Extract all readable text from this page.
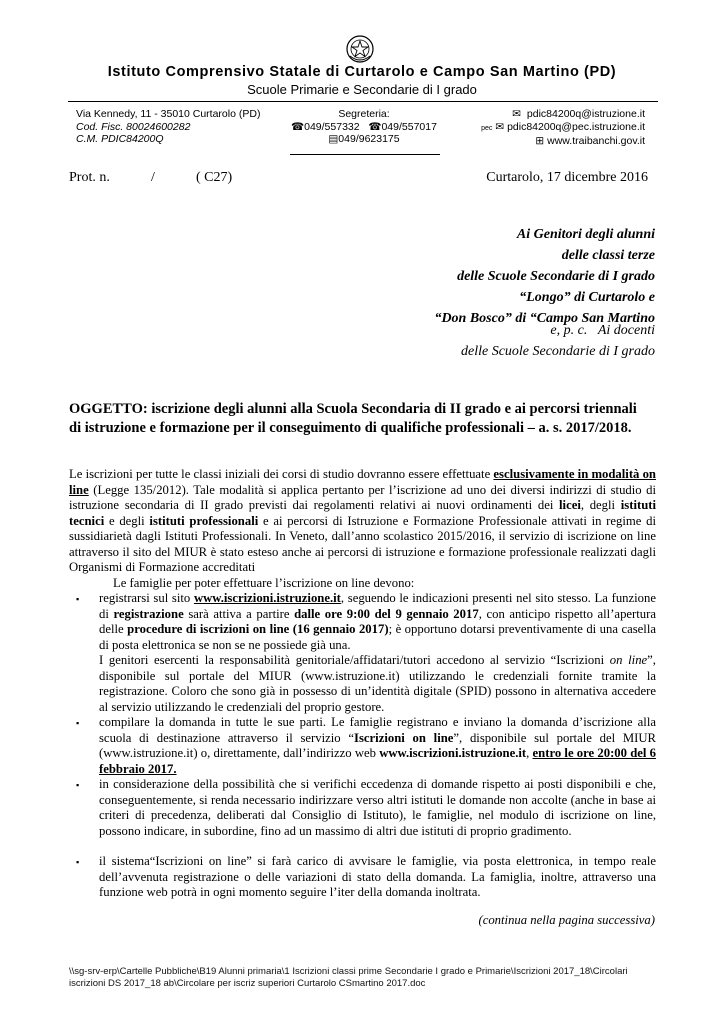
Istituto Comprensivo Statale di Curtarolo e Campo San Martino (PD)
Scuole Primarie e Secondarie di I grado
Via Kennedy, 11 - 35010 Curtarolo (PD)
Cod. Fisc. 80024600282
C.M. PDIC84200Q
Segreteria:
☎049/557332 ☎049/557017
▤049/9623175
✉ pdic84200q@istruzione.it
pec ✉ pdic84200q@pec.istruzione.it
⊞ www.traibanchi.gov.it
Prot. n.	/	( C27)	Curtarolo, 17 dicembre 2016
Ai Genitori degli alunni
delle classi terze
delle Scuole Secondarie di I grado
“Longo” di Curtarolo e
“Don Bosco” di “Campo San Martino
e, p. c. Ai docenti
delle Scuole Secondarie di I grado
OGGETTO: iscrizione degli alunni alla Scuola Secondaria di II grado e ai percorsi triennali
di istruzione e formazione per il conseguimento di qualifiche professionali – a. s. 2017/2018.
Le iscrizioni per tutte le classi iniziali dei corsi di studio dovranno essere effettuate esclusivamente in modalità on line (Legge 135/2012). Tale modalità si applica pertanto per l’iscrizione ad uno dei diversi indirizzi di studio di istruzione secondaria di II grado previsti dai regolamenti relativi ai nuovi ordinamenti dei licei, degli istituti tecnici e degli istituti professionali e ai percorsi di Istruzione e Formazione Professionale attivati in regime di sussidiarietà dagli Istituti Professionali. In Veneto, dall’anno scolastico 2015/2016, il servizio di iscrizione on line attraverso il sito del MIUR è stato esteso anche ai percorsi di istruzione e formazione professionale realizzati dagli Organismi di Formazione accreditati
Le famiglie per poter effettuare l’iscrizione on line devono:
▪ registrarsi sul sito www.iscrizioni.istruzione.it, seguendo le indicazioni presenti nel sito stesso. La funzione di registrazione sarà attiva a partire dalle ore 9:00 del 9 gennaio 2017, con anticipo rispetto all’apertura delle procedure di iscrizioni on line (16 gennaio 2017); è opportuno dotarsi preventivamente di una casella di posta elettronica se non se ne possiede già una.
I genitori esercenti la responsabilità genitoriale/affidatari/tutori accedono al servizio “Iscrizioni on line”, disponibile sul portale del MIUR (www.istruzione.it) utilizzando le credenziali fornite tramite la registrazione. Coloro che sono già in possesso di un’identità digitale (SPID) possono in alternativa accedere al servizio utilizzando le credenziali del proprio gestore.
▪ compilare la domanda in tutte le sue parti. Le famiglie registrano e inviano la domanda d’iscrizione alla scuola di destinazione attraverso il servizio “Iscrizioni on line”, disponibile sul portale del MIUR (www.istruzione.it) o, direttamente, dall’indirizzo web www.iscrizioni.istruzione.it, entro le ore 20:00 del 6 febbraio 2017.
▪ in considerazione della possibilità che si verifichi eccedenza di domande rispetto ai posti disponibili e che, conseguentemente, si renda necessario indirizzare verso altri istituti le domande non accolte (anche in base ai criteri di precedenza, deliberati dal Consiglio di Istituto), le famiglie, nel modulo di iscrizione on line, possono indicare, in subordine, fino ad un massimo di altri due istituti di proprio gradimento.
▪ il sistema“Iscrizioni on line” si farà carico di avvisare le famiglie, via posta elettronica, in tempo reale dell’avvenuta registrazione o delle variazioni di stato della domanda. La famiglia, inoltre, attraverso una funzione web potrà in ogni momento seguire l’iter della domanda inoltrata.
(continua nella pagina successiva)
\\sg-srv-erp\Cartelle Pubbliche\B19 Alunni primaria\1 Iscrizioni classi prime Secondarie I grado e Primarie\Iscrizioni 2017_18\Circolari iscrizioni DS 2017_18 ab\Circolare per iscriz superiori Curtarolo CSmartino 2017.doc
